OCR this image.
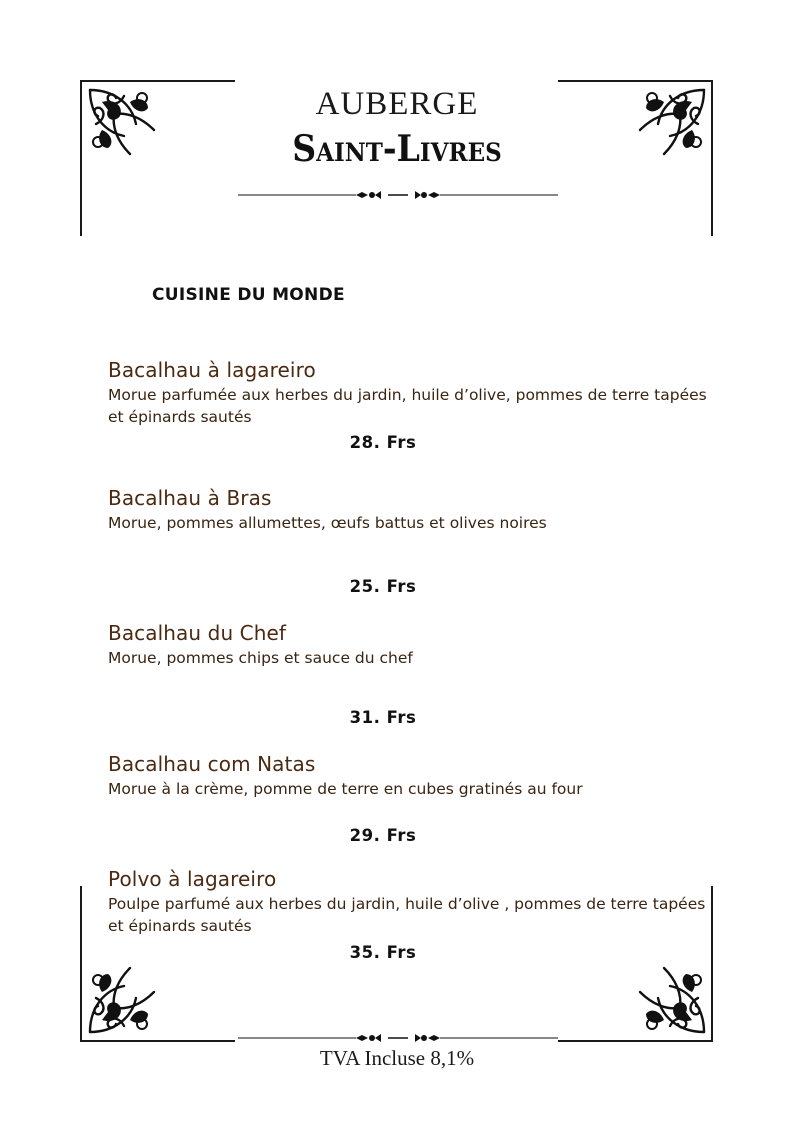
AUBERGE
Saint-Livres
CUISINE DU MONDE
Bacalhau à lagareiro
Morue parfumée aux herbes du jardin, huile d’olive, pommes de terre tapées et épinards sautés
28. Frs
Bacalhau à Bras
Morue, pommes allumettes, œufs battus et olives noires
25. Frs
Bacalhau du Chef
Morue, pommes chips et sauce du chef
31. Frs
Bacalhau com Natas
Morue à la crème, pomme de terre en cubes gratinés au four
29. Frs
Polvo à lagareiro
Poulpe parfumé aux herbes du jardin, huile d’olive , pommes de terre tapées et épinards sautés
35. Frs
TVA Incluse 8,1%
